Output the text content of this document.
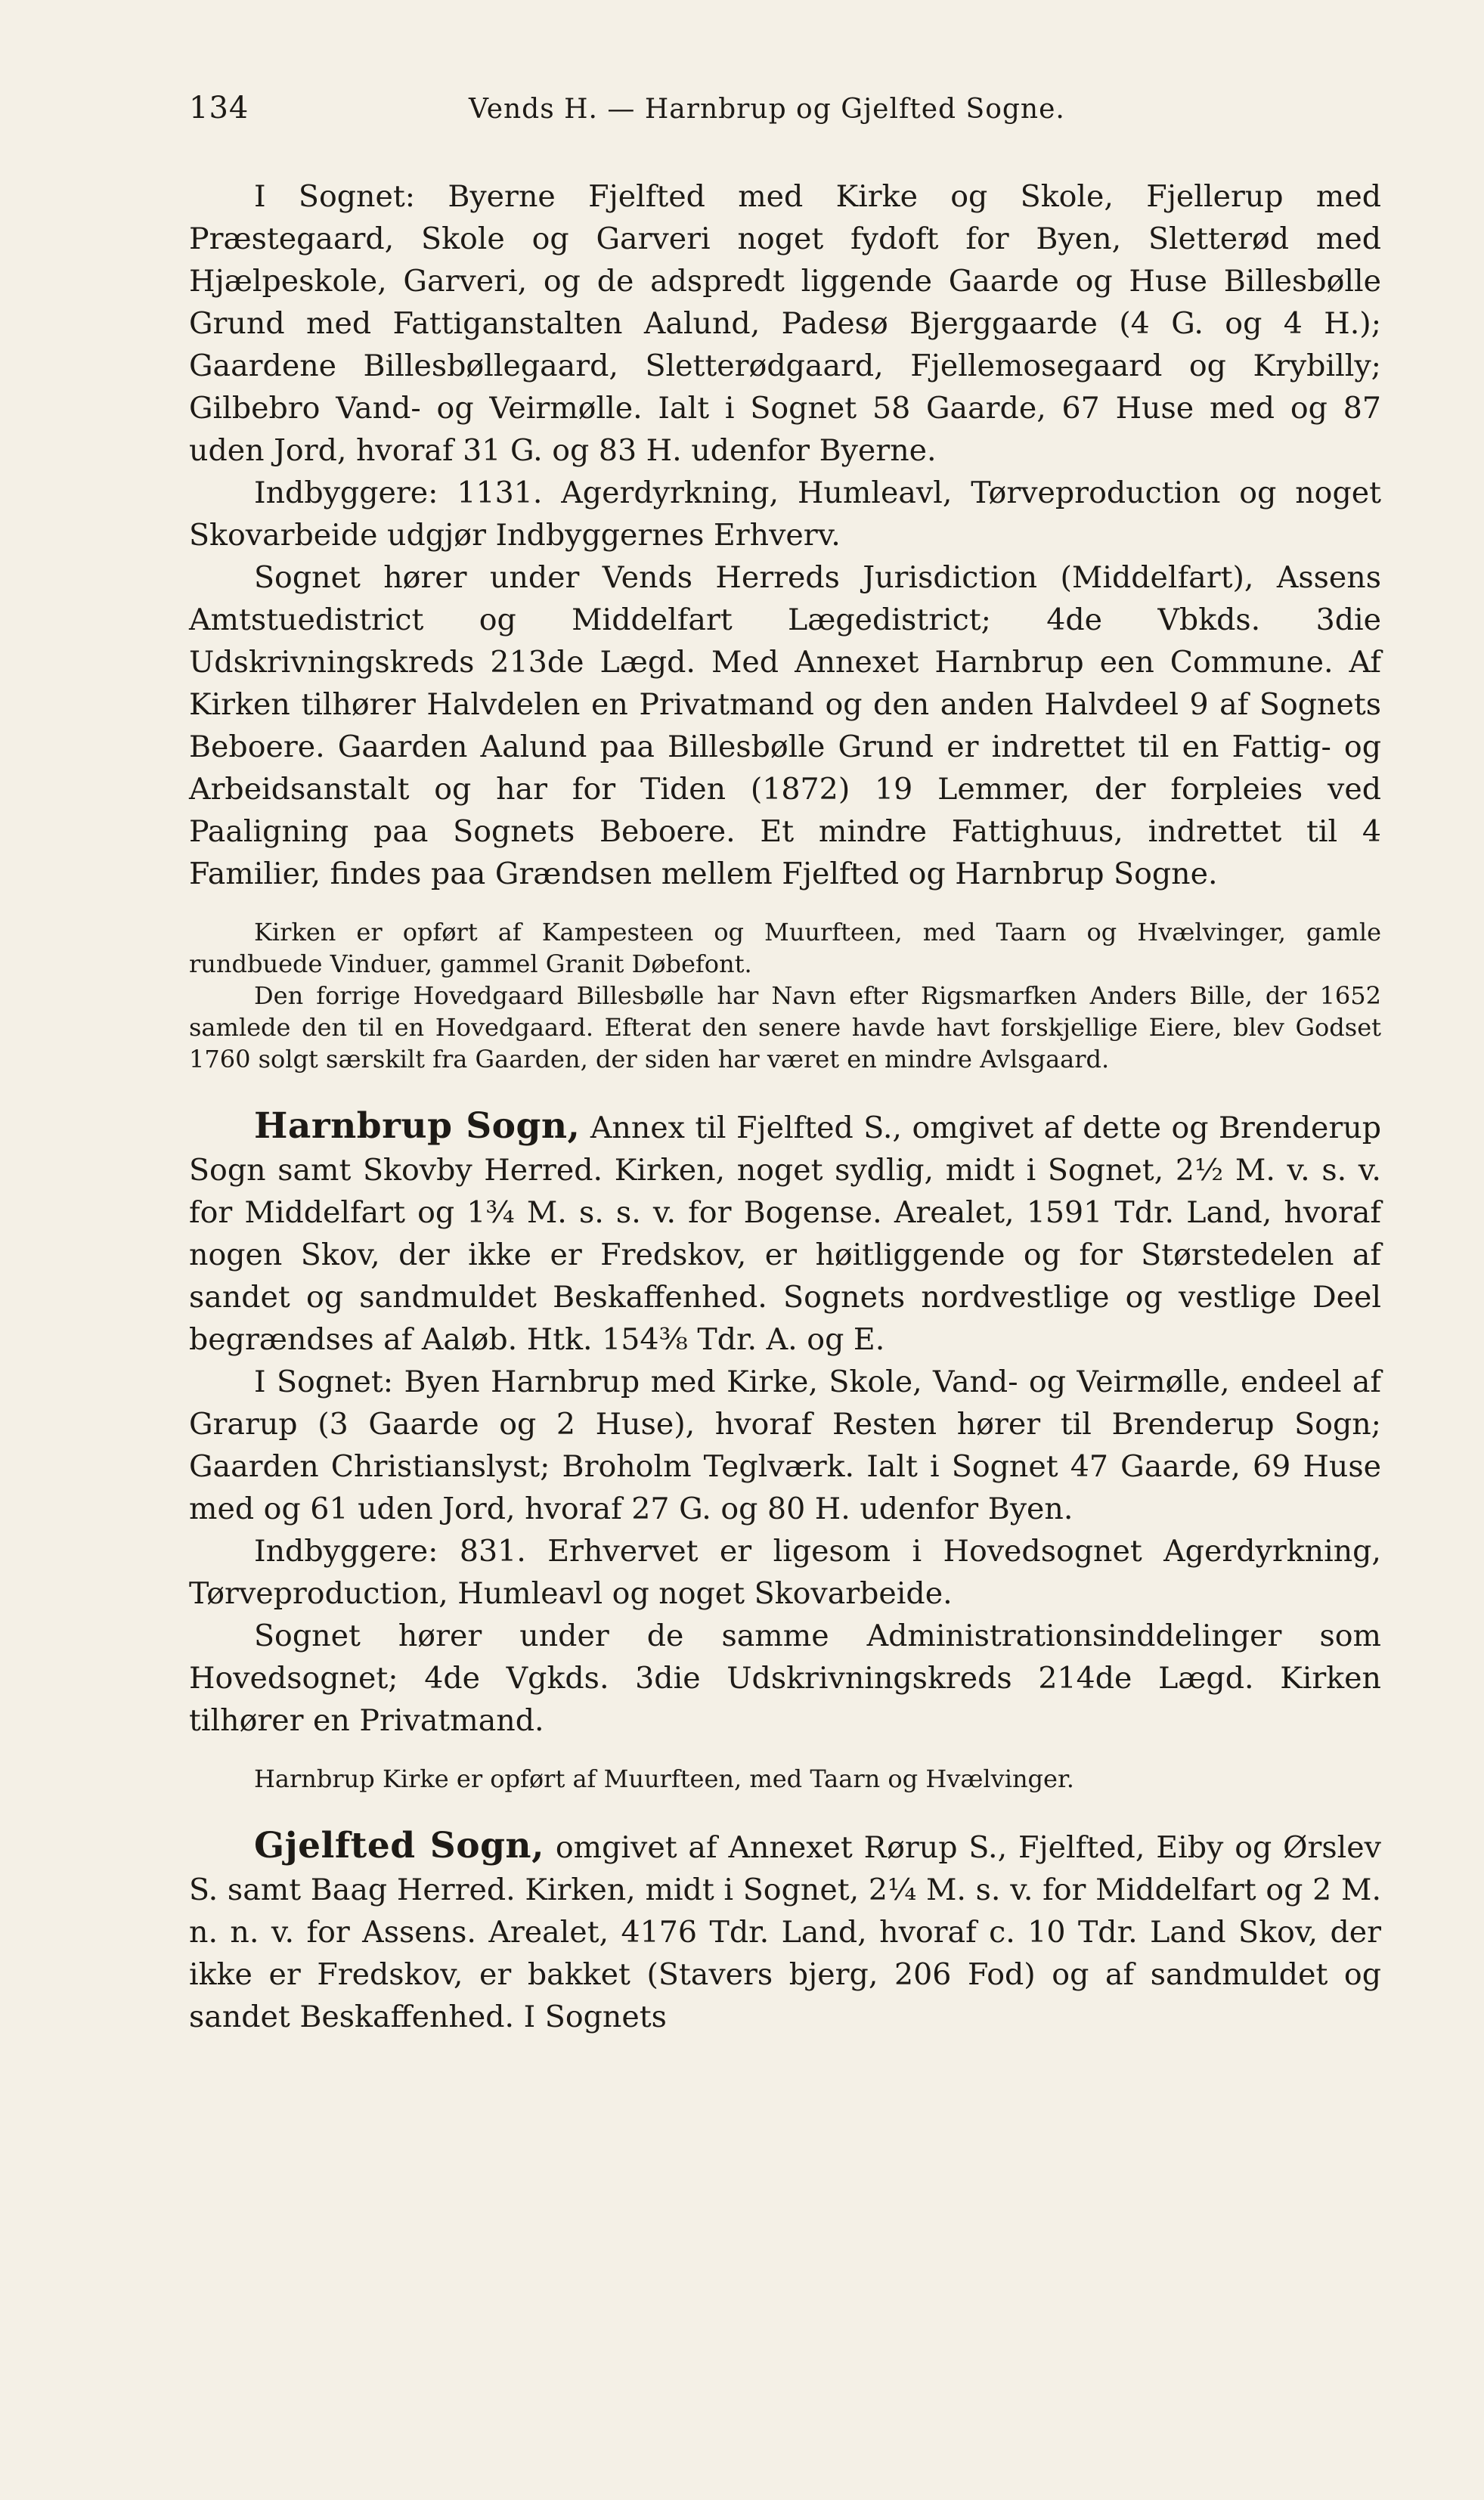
134	Vends H. — Harnbrup og Gjelfted Sogne.

I Sognet: Byerne Fjelfted med Kirke og Skole, Fjellerup med Præstegaard, Skole og Garveri noget fydoft for Byen, Sletterød med Hjælpeskole, Garveri, og de adspredt liggende Gaarde og Huse Billesbølle Grund med Fattiganstalten Aalund, Padesø Bjerggaarde (4 G. og 4 H.); Gaardene Billesbøllegaard, Sletterødgaard, Fjellemosegaard og Krybilly; Gilbebro Vand- og Veirmølle. Ialt i Sognet 58 Gaarde, 67 Huse med og 87 uden Jord, hvoraf 31 G. og 83 H. udenfor Byerne.

Indbyggere: 1131. Agerdyrkning, Humleavl, Tørveproduction og noget Skovarbeide udgjør Indbyggernes Erhverv.

Sognet hører under Vends Herreds Jurisdiction (Middelfart), Assens Amtstuedistrict og Middelfart Lægedistrict; 4de Vbkds. 3die Udskrivningskreds 213de Lægd. Med Annexet Harnbrup een Commune. Af Kirken tilhører Halvdelen en Privatmand og den anden Halvdeel 9 af Sognets Beboere. Gaarden Aalund paa Billesbølle Grund er indrettet til en Fattig- og Arbeidsanstalt og har for Tiden (1872) 19 Lemmer, der forpleies ved Paaligning paa Sognets Beboere. Et mindre Fattighuus, indrettet til 4 Familier, findes paa Grændsen mellem Fjelfted og Harnbrup Sogne.

Kirken er opført af Kampesteen og Muurfteen, med Taarn og Hvælvinger, gamle rundbuede Vinduer, gammel Granit Døbefont.

Den forrige Hovedgaard Billesbølle har Navn efter Rigsmarfken Anders Bille, der 1652 samlede den til en Hovedgaard. Efterat den senere havde havt forskjellige Eiere, blev Godset 1760 solgt særskilt fra Gaarden, der siden har været en mindre Avlsgaard.

Harnbrup Sogn, Annex til Fjelfted S., omgivet af dette og Brenderup Sogn samt Skovby Herred. Kirken, noget sydlig, midt i Sognet, 2½ M. v. s. v. for Middelfart og 1¾ M. s. s. v. for Bogense. Arealet, 1591 Tdr. Land, hvoraf nogen Skov, der ikke er Fredskov, er høitliggende og for Størstedelen af sandet og sandmuldet Beskaffenhed. Sognets nordvestlige og vestlige Deel begrændses af Aaløb. Htk. 154⅜ Tdr. A. og E.

I Sognet: Byen Harnbrup med Kirke, Skole, Vand- og Veirmølle, endeel af Grarup (3 Gaarde og 2 Huse), hvoraf Resten hører til Brenderup Sogn; Gaarden Christianslyst; Broholm Teglværk. Ialt i Sognet 47 Gaarde, 69 Huse med og 61 uden Jord, hvoraf 27 G. og 80 H. udenfor Byen.

Indbyggere: 831. Erhvervet er ligesom i Hovedsognet Agerdyrkning, Tørveproduction, Humleavl og noget Skovarbeide.

Sognet hører under de samme Administrationsinddelinger som Hovedsognet; 4de Vgkds. 3die Udskrivningskreds 214de Lægd. Kirken tilhører en Privatmand.

Harnbrup Kirke er opført af Muurfteen, med Taarn og Hvælvinger.

Gjelfted Sogn, omgivet af Annexet Rørup S., Fjelfted, Eiby og Ørslev S. samt Baag Herred. Kirken, midt i Sognet, 2¼ M. s. v. for Middelfart og 2 M. n. n. v. for Assens. Arealet, 4176 Tdr. Land, hvoraf c. 10 Tdr. Land Skov, der ikke er Fredskov, er bakket (Stavers bjerg, 206 Fod) og af sandmuldet og sandet Beskaffenhed. I Sognets
